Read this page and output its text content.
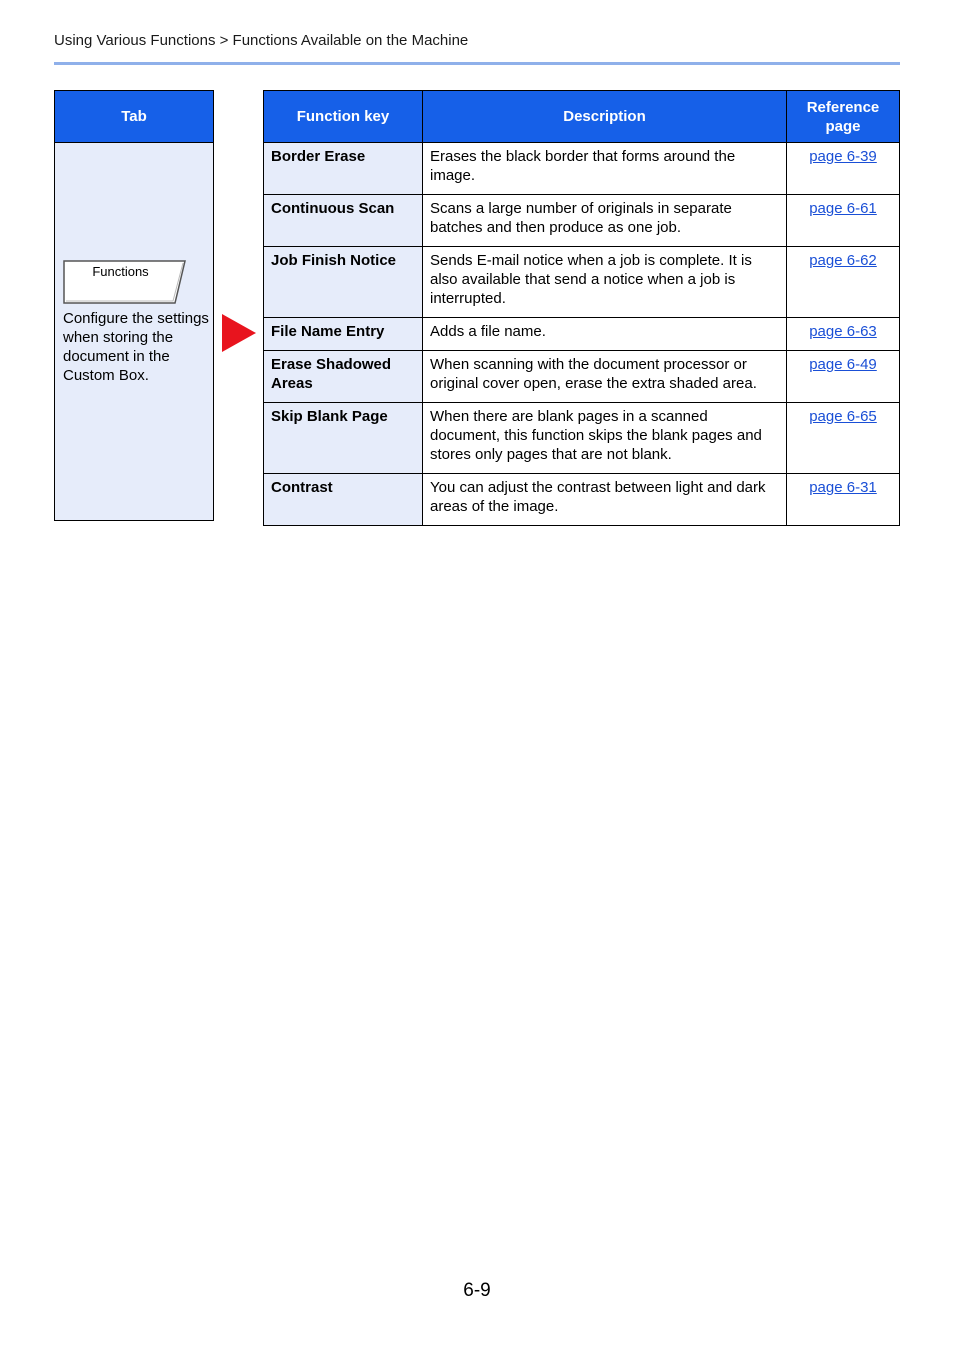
Using Various Functions > Functions Available on the Machine
Tab
Functions
Configure the settings when storing the document in the Custom Box.
Function key	Description	Reference page
Border Erase	Erases the black border that forms around the image.	page 6-39
Continuous Scan	Scans a large number of originals in separate batches and then produce as one job.	page 6-61
Job Finish Notice	Sends E-mail notice when a job is complete. It is also available that send a notice when a job is interrupted.	page 6-62
File Name Entry	Adds a file name.	page 6-63
Erase Shadowed Areas	When scanning with the document processor or original cover open, erase the extra shaded area.	page 6-49
Skip Blank Page	When there are blank pages in a scanned document, this function skips the blank pages and stores only pages that are not blank.	page 6-65
Contrast	You can adjust the contrast between light and dark areas of the image.	page 6-31
6-9
